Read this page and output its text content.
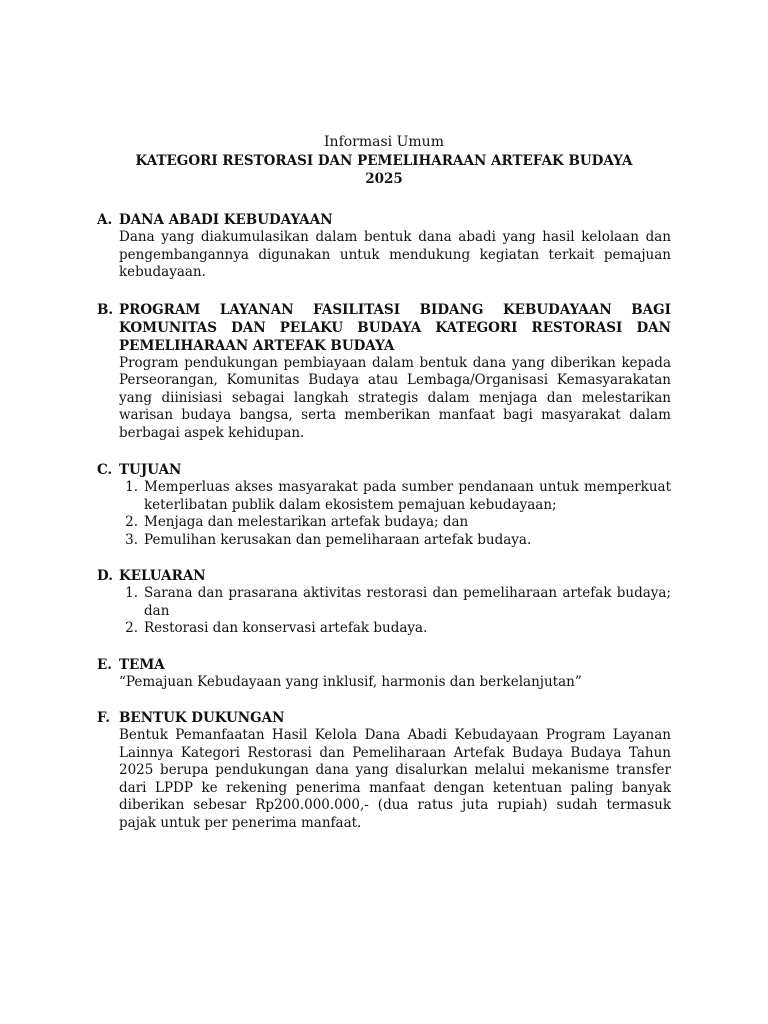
Informasi Umum
KATEGORI RESTORASI DAN PEMELIHARAAN ARTEFAK BUDAYA
2025
A. DANA ABADI KEBUDAYAAN
Dana yang diakumulasikan dalam bentuk dana abadi yang hasil kelolaan dan pengembangannya digunakan untuk mendukung kegiatan terkait pemajuan kebudayaan.
B. PROGRAM LAYANAN FASILITASI BIDANG KEBUDAYAAN BAGI KOMUNITAS DAN PELAKU BUDAYA KATEGORI RESTORASI DAN PEMELIHARAAN ARTEFAK BUDAYA
Program pendukungan pembiayaan dalam bentuk dana yang diberikan kepada Perseorangan, Komunitas Budaya atau Lembaga/Organisasi Kemasyarakatan yang diinisiasi sebagai langkah strategis dalam menjaga dan melestarikan warisan budaya bangsa, serta memberikan manfaat bagi masyarakat dalam berbagai aspek kehidupan.
C. TUJUAN
1. Memperluas akses masyarakat pada sumber pendanaan untuk memperkuat keterlibatan publik dalam ekosistem pemajuan kebudayaan;
2. Menjaga dan melestarikan artefak budaya; dan
3. Pemulihan kerusakan dan pemeliharaan artefak budaya.
D. KELUARAN
1. Sarana dan prasarana aktivitas restorasi dan pemeliharaan artefak budaya; dan
2. Restorasi dan konservasi artefak budaya.
E. TEMA
“Pemajuan Kebudayaan yang inklusif, harmonis dan berkelanjutan”
F. BENTUK DUKUNGAN
Bentuk Pemanfaatan Hasil Kelola Dana Abadi Kebudayaan Program Layanan Lainnya Kategori Restorasi dan Pemeliharaan Artefak Budaya Budaya Tahun 2025 berupa pendukungan dana yang disalurkan melalui mekanisme transfer dari LPDP ke rekening penerima manfaat dengan ketentuan paling banyak diberikan sebesar Rp200.000.000,- (dua ratus juta rupiah) sudah termasuk pajak untuk per penerima manfaat.
